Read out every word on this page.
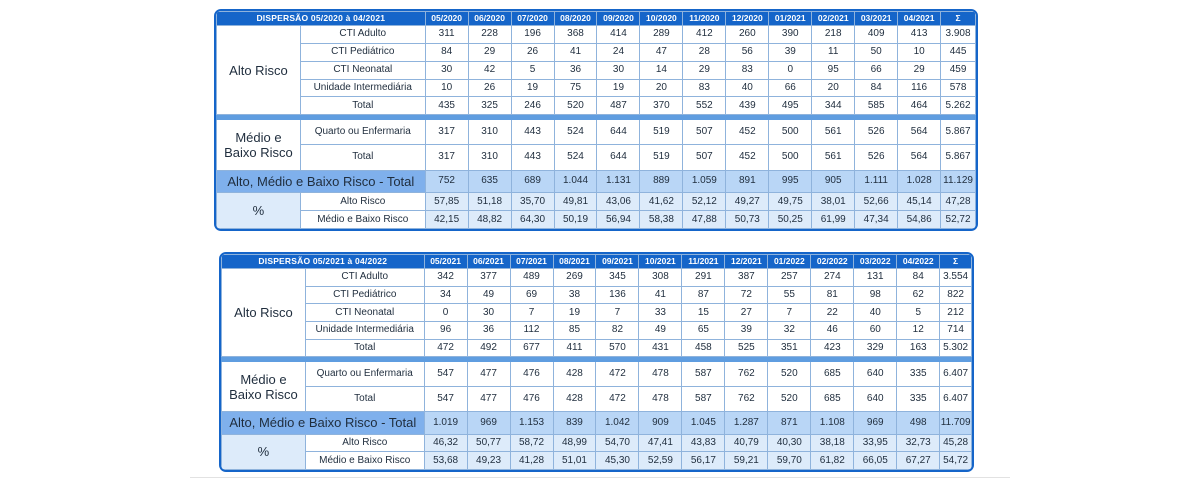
DISPERSÃO 05/2020 à 04/2021		05/2020	06/2020	07/2020	08/2020	09/2020	10/2020	11/2020	12/2020	01/2021	02/2021	03/2021	04/2021	Σ
Alto Risco	CTI Adulto	311	228	196	368	414	289	412	260	390	218	409	413	3.908
	CTI Pediátrico	84	29	26	41	24	47	28	56	39	11	50	10	445
	CTI Neonatal	30	42	5	36	30	14	29	83	0	95	66	29	459
	Unidade Intermediária	10	26	19	75	19	20	83	40	66	20	84	116	578
	Total	435	325	246	520	487	370	552	439	495	344	585	464	5.262

Médio e
Baixo Risco	Quarto ou Enfermaria	317	310	443	524	644	519	507	452	500	561	526	564	5.867
	Total	317	310	443	524	644	519	507	452	500	561	526	564	5.867
Alto, Médio e Baixo Risco - Total		752	635	689	1.044	1.131	889	1.059	891	995	905	1.111	1.028	11.129
%	Alto Risco	57,85	51,18	35,70	49,81	43,06	41,62	52,12	49,27	49,75	38,01	52,66	45,14	47,28
	Médio e Baixo Risco	42,15	48,82	64,30	50,19	56,94	58,38	47,88	50,73	50,25	61,99	47,34	54,86	52,72
DISPERSÃO 05/2021 à 04/2022		05/2021	06/2021	07/2021	08/2021	09/2021	10/2021	11/2021	12/2021	01/2022	02/2022	03/2022	04/2022	Σ
Alto Risco	CTI Adulto	342	377	489	269	345	308	291	387	257	274	131	84	3.554
	CTI Pediátrico	34	49	69	38	136	41	87	72	55	81	98	62	822
	CTI Neonatal	0	30	7	19	7	33	15	27	7	22	40	5	212
	Unidade Intermediária	96	36	112	85	82	49	65	39	32	46	60	12	714
	Total	472	492	677	411	570	431	458	525	351	423	329	163	5.302

Médio e
Baixo Risco	Quarto ou Enfermaria	547	477	476	428	472	478	587	762	520	685	640	335	6.407
	Total	547	477	476	428	472	478	587	762	520	685	640	335	6.407
Alto, Médio e Baixo Risco - Total		1.019	969	1.153	839	1.042	909	1.045	1.287	871	1.108	969	498	11.709
%	Alto Risco	46,32	50,77	58,72	48,99	54,70	47,41	43,83	40,79	40,30	38,18	33,95	32,73	45,28
	Médio e Baixo Risco	53,68	49,23	41,28	51,01	45,30	52,59	56,17	59,21	59,70	61,82	66,05	67,27	54,72
